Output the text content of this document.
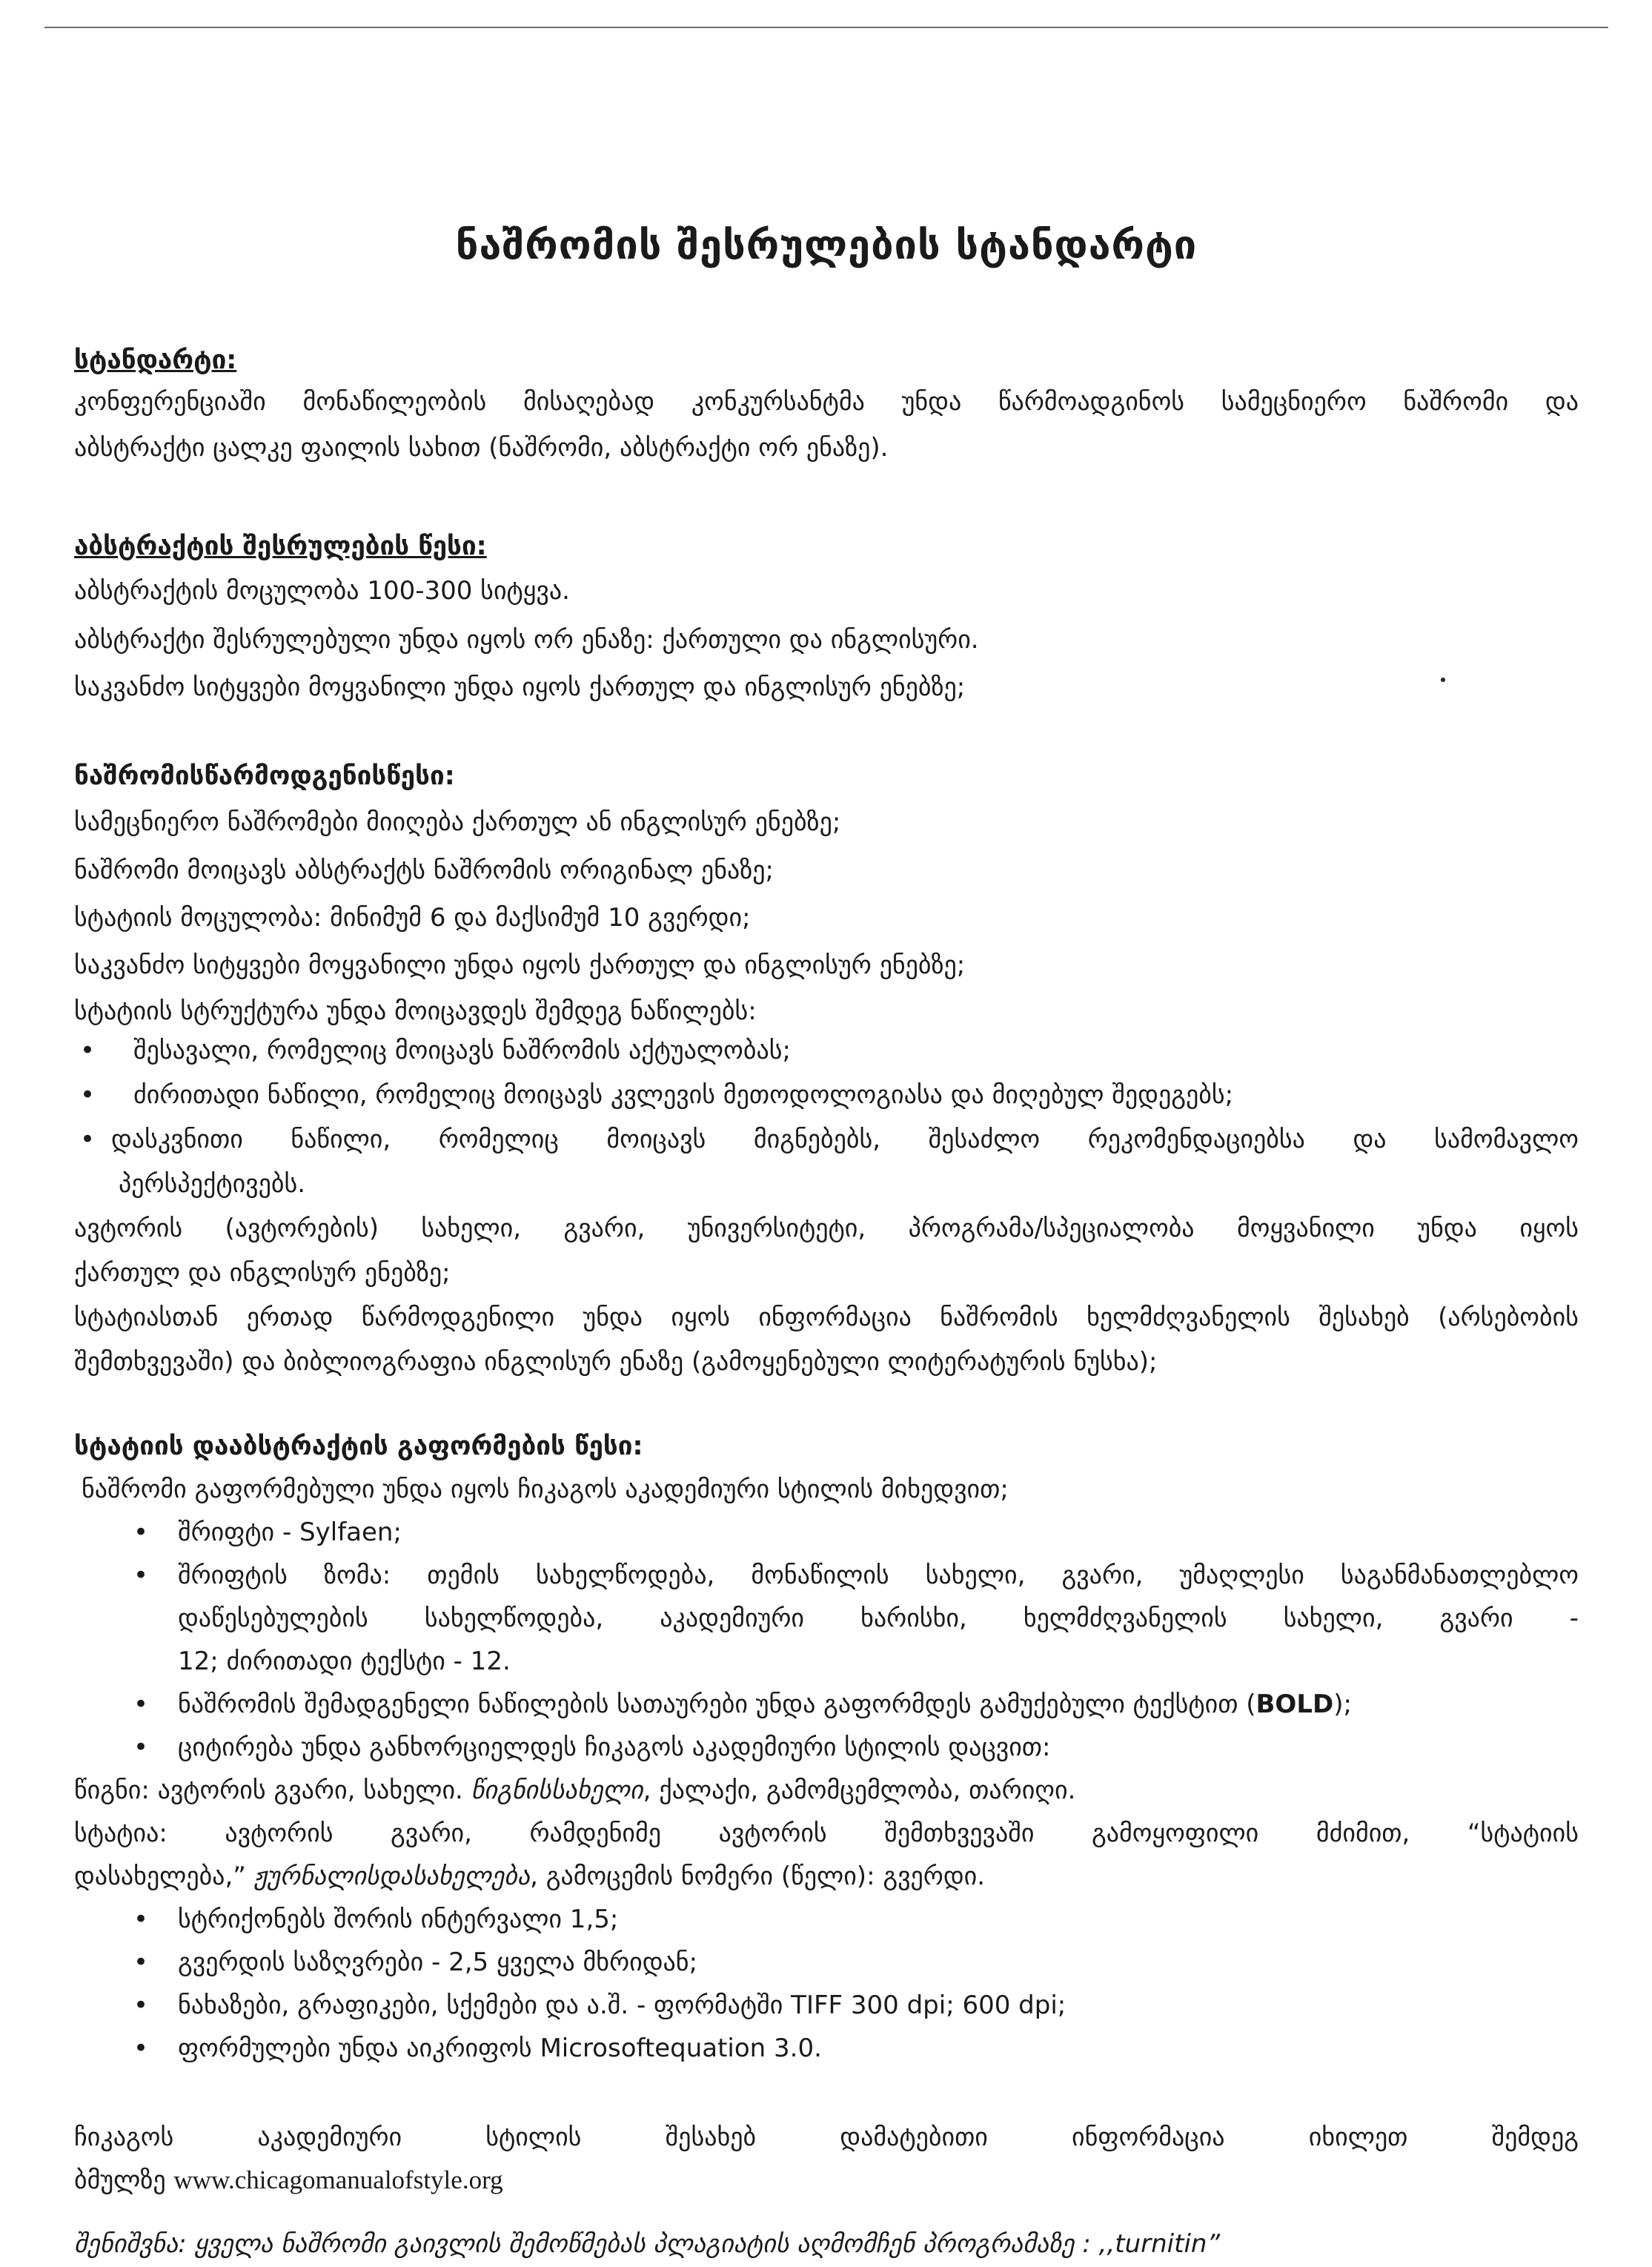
ნაშრომის შესრულების სტანდარტი
სტანდარტი:
კონფერენციაში მონაწილეობის მისაღებად კონკურსანტმა უნდა წარმოადგინოს სამეცნიერო ნაშრომი და
აბსტრაქტი ცალკე ფაილის სახით (ნაშრომი, აბსტრაქტი ორ ენაზე).
აბსტრაქტის შესრულების წესი:
აბსტრაქტის მოცულობა 100-300 სიტყვა.
აბსტრაქტი შესრულებული უნდა იყოს ორ ენაზე: ქართული და ინგლისური.
საკვანძო სიტყვები მოყვანილი უნდა იყოს ქართულ და ინგლისურ ენებზე;
ნაშრომისწარმოდგენისწესი:
სამეცნიერო ნაშრომები მიიღება ქართულ ან ინგლისურ ენებზე;
ნაშრომი მოიცავს აბსტრაქტს ნაშრომის ორიგინალ ენაზე;
სტატიის მოცულობა: მინიმუმ 6 და მაქსიმუმ 10 გვერდი;
საკვანძო სიტყვები მოყვანილი უნდა იყოს ქართულ და ინგლისურ ენებზე;
სტატიის სტრუქტურა უნდა მოიცავდეს შემდეგ ნაწილებს:
• შესავალი, რომელიც მოიცავს ნაშრომის აქტუალობას;
• ძირითადი ნაწილი, რომელიც მოიცავს კვლევის მეთოდოლოგიასა და მიღებულ შედეგებს;
• დასკვნითი ნაწილი, რომელიც მოიცავს მიგნებებს, შესაძლო რეკომენდაციებსა და სამომავლო
პერსპექტივებს.
ავტორის (ავტორების) სახელი, გვარი, უნივერსიტეტი, პროგრამა/სპეციალობა მოყვანილი უნდა იყოს
ქართულ და ინგლისურ ენებზე;
სტატიასთან ერთად წარმოდგენილი უნდა იყოს ინფორმაცია ნაშრომის ხელმძღვანელის შესახებ (არსებობის
შემთხვევაში) და ბიბლიოგრაფია ინგლისურ ენაზე (გამოყენებული ლიტერატურის ნუსხა);
სტატიის დააბსტრაქტის გაფორმების წესი:
ნაშრომი გაფორმებული უნდა იყოს ჩიკაგოს აკადემიური სტილის მიხედვით;
• შრიფტი - Sylfaen;
• შრიფტის ზომა: თემის სახელწოდება, მონაწილის სახელი, გვარი, უმაღლესი საგანმანათლებლო
დაწესებულების სახელწოდება, აკადემიური ხარისხი, ხელმძღვანელის სახელი, გვარი -
12; ძირითადი ტექსტი - 12.
• ნაშრომის შემადგენელი ნაწილების სათაურები უნდა გაფორმდეს გამუქებული ტექსტით (BOLD);
• ციტირება უნდა განხორციელდეს ჩიკაგოს აკადემიური სტილის დაცვით:
წიგნი: ავტორის გვარი, სახელი. წიგნისსახელი, ქალაქი, გამომცემლობა, თარიღი.
სტატია: ავტორის გვარი, რამდენიმე ავტორის შემთხვევაში გამოყოფილი მძიმით, “სტატიის
დასახელება,” ჟურნალისდასახელება, გამოცემის ნომერი (წელი): გვერდი.
• სტრიქონებს შორის ინტერვალი 1,5;
• გვერდის საზღვრები - 2,5 ყველა მხრიდან;
• ნახაზები, გრაფიკები, სქემები და ა.შ. - ფორმატში TIFF 300 dpi; 600 dpi;
• ფორმულები უნდა აიკრიფოს Microsoftequation 3.0.
ჩიკაგოს აკადემიური სტილის შესახებ დამატებითი ინფორმაცია იხილეთ შემდეგ
ბმულზე www.chicagomanualofstyle.org
შენიშვნა: ყველა ნაშრომი გაივლის შემოწმებას პლაგიატის აღმომჩენ პროგრამაზე : ,,turnitin”
